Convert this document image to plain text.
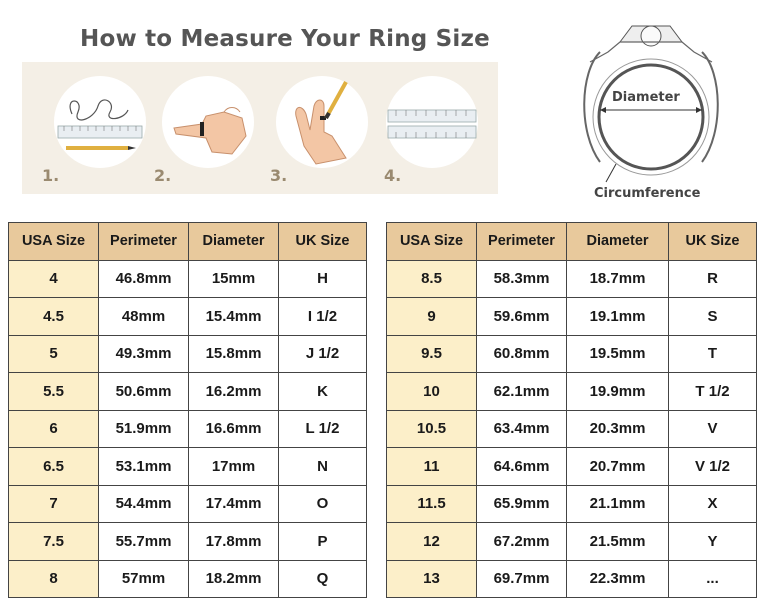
How to Measure Your Ring Size
1.	2.	3.	4.
Diameter
Circumference
USA Size	Perimeter	Diameter	UK Size
4	46.8mm	15mm	H
4.5	48mm	15.4mm	I 1/2
5	49.3mm	15.8mm	J 1/2
5.5	50.6mm	16.2mm	K
6	51.9mm	16.6mm	L 1/2
6.5	53.1mm	17mm	N
7	54.4mm	17.4mm	O
7.5	55.7mm	17.8mm	P
8	57mm	18.2mm	Q
USA Size	Perimeter	Diameter	UK Size
8.5	58.3mm	18.7mm	R
9	59.6mm	19.1mm	S
9.5	60.8mm	19.5mm	T
10	62.1mm	19.9mm	T 1/2
10.5	63.4mm	20.3mm	V
11	64.6mm	20.7mm	V 1/2
11.5	65.9mm	21.1mm	X
12	67.2mm	21.5mm	Y
13	69.7mm	22.3mm	...
